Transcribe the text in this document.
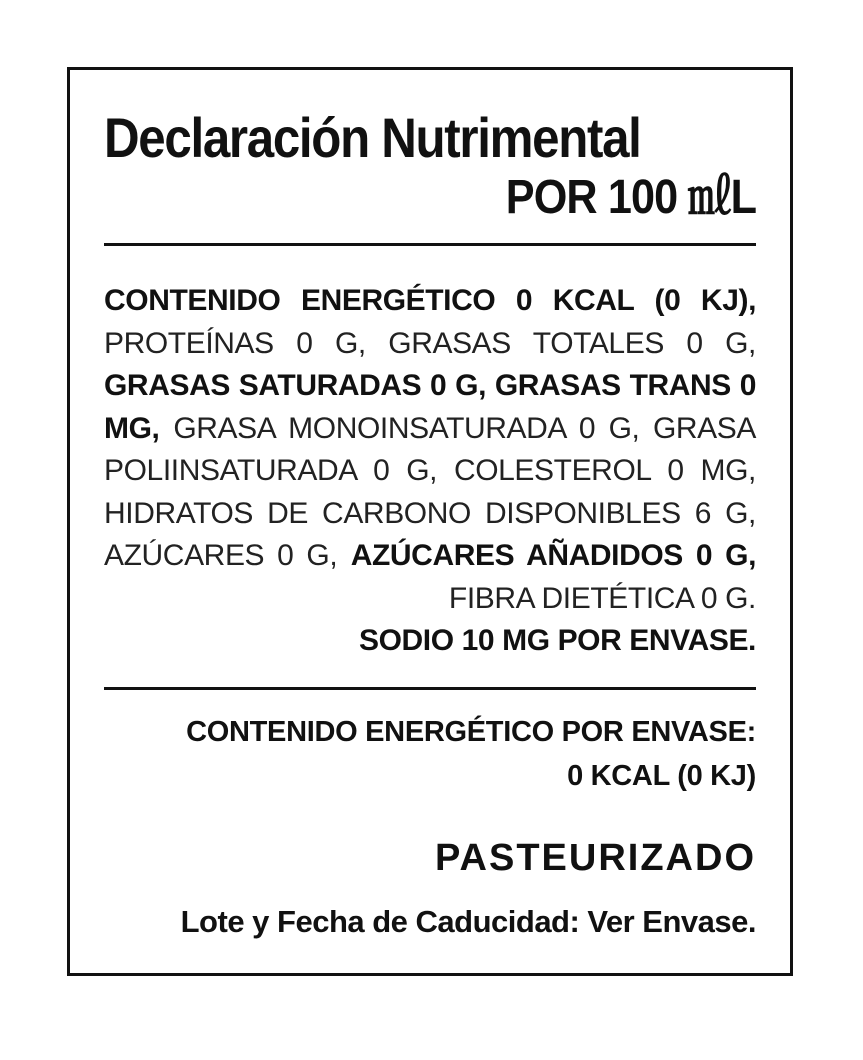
Declaración Nutrimental
POR 100 ㎖L
CONTENIDO ENERGÉTICO 0 KCAL (0 KJ), PROTEÍNAS 0 G, GRASAS TOTALES 0 G, GRASAS SATURADAS 0 G, GRASAS TRANS 0 MG, GRASA MONOINSATURADA 0 G, GRASA POLIINSATURADA 0 G, COLESTEROL 0 MG, HIDRATOS DE CARBONO DISPONIBLES 6 G, AZÚCARES 0 G, AZÚCARES AÑADIDOS 0 G, FIBRA DIETÉTICA 0 G.
SODIO 10 MG POR ENVASE.
CONTENIDO ENERGÉTICO POR ENVASE:
0 KCAL (0 KJ)
PASTEURIZADO
Lote y Fecha de Caducidad: Ver Envase.
